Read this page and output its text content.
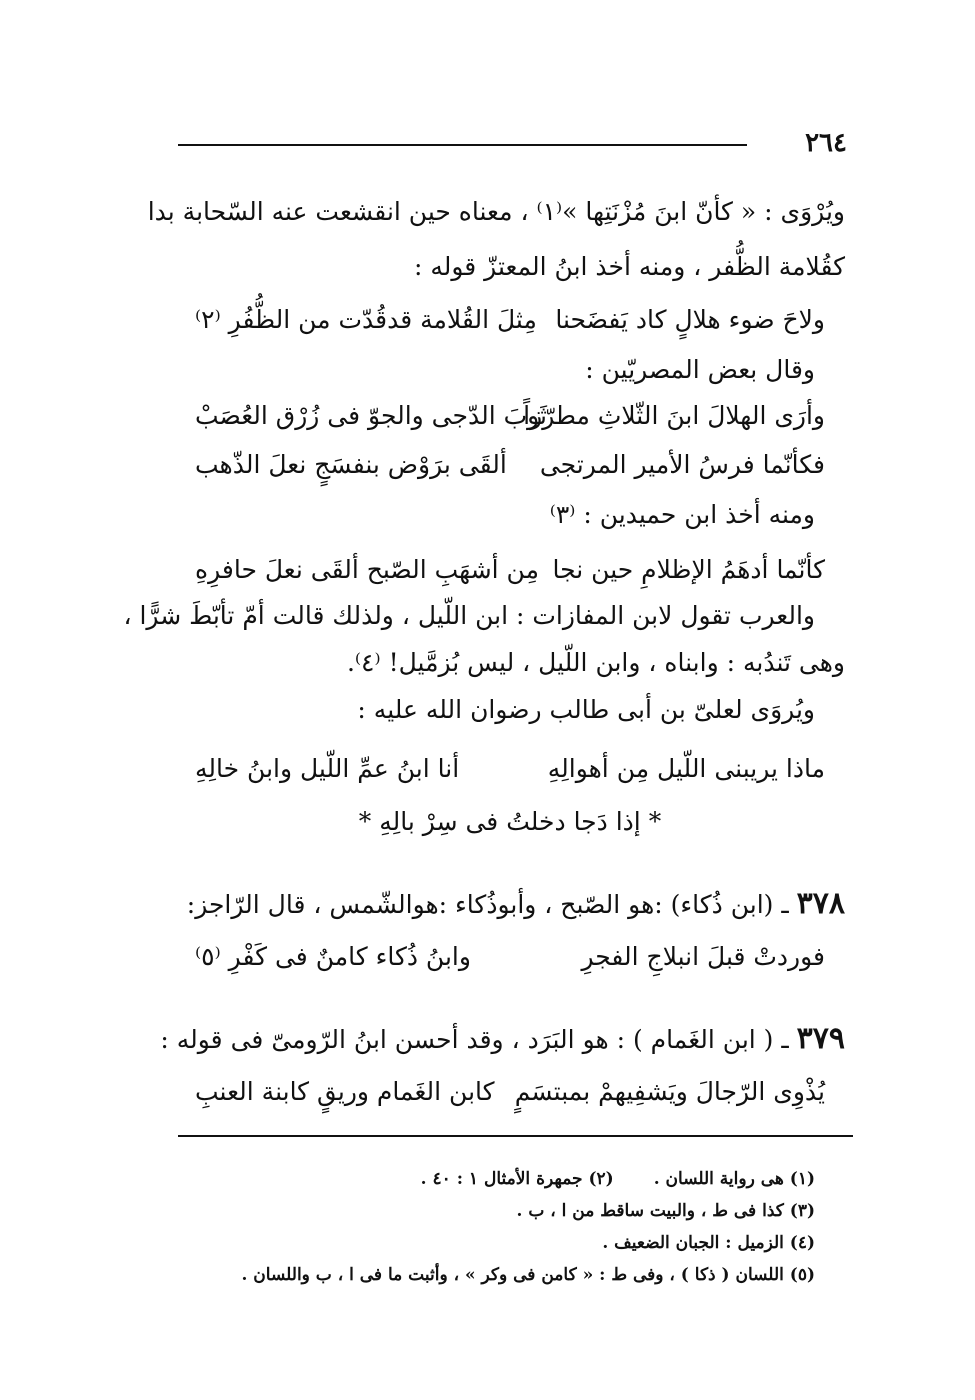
٢٦٤
ويُرْوَى : « كأنّ ابنَ مُزْنَتِها »⁽١⁾ ، معناه حين انقشعت عنه السّحابة بدا
كقُلامة الظُّفر ، ومنه أخذ ابنُ المعتزّ قوله :
ولاحَ ضوء هلالٍ كاد يَفضَحنا
مِثلَ القُلامة قدقُدّت من الظُّفُرِ ⁽٢⁾
وقال بعض المصريّين :
وأرَى الهلالَ ابنَ الثّلاثِ مطرّزاً
ثَوبَ الدّجى والجوّ فى زُرْق العُصَبْ
فكأنّما فرسُ الأمير المرتجى
ألقَى برَوْض بنفسَجٍ نعلَ الذّهب
ومنه أخذ ابن حميدين : ⁽٣⁾
كأنّما أدهَمُ الإظلامِ حين نجا
مِن أشهَبِ الصّبح ألقَى نعلَ حافرِهِ
والعرب تقول لابن المفازات : ابن اللّيل ، ولذلك قالت أمّ تأبّطَ شرًّا ،
وهى تَندُبه : وابناه ، وابن اللّيل ، ليس بُزمَّيل! ⁽٤⁾.
ويُروَى لعلىّ بن أبى طالب رضوان الله عليه :
ماذا يريبنى اللّيل مِن أهوالِهِ
أنا ابنُ عمِّ اللّيل وابنُ خالِهِ
* إذا دَجا دخلتُ فى سِرْ بالِهِ *
٣٧٨ ـ (ابن ذُكاء) :هو الصّبح ، وأبوذُكاء :هوالشّمس ، قال الرّاجز:
فوردتْ قبلَ انبلاجِ الفجرِ
وابنُ ذُكاء كامنٌ فى كَفْرِ ⁽٥⁾
٣٧٩ ـ ( ابن الغَمام ) : هو البَرَد ، وقد أحسن ابنُ الرّومىّ فى قوله :
يُذْوِى الرّجالَ ويَشفِيهمْ بمبتسَمٍ
كابن الغَمام وريقٍ كابنة العنبِ
(١) هى رواية اللسان .(٢) جمهرة الأمثال ١ : ٤٠ .
(٣) كذا فى ط ، والبيت ساقط من ا ، ب .
(٤) الزميل : الجبان الضعيف .
(٥) اللسان ( ذكا ) ، وفى ط : « كامن فى وكر » ، وأثبت ما فى ا ، ب واللسان .
